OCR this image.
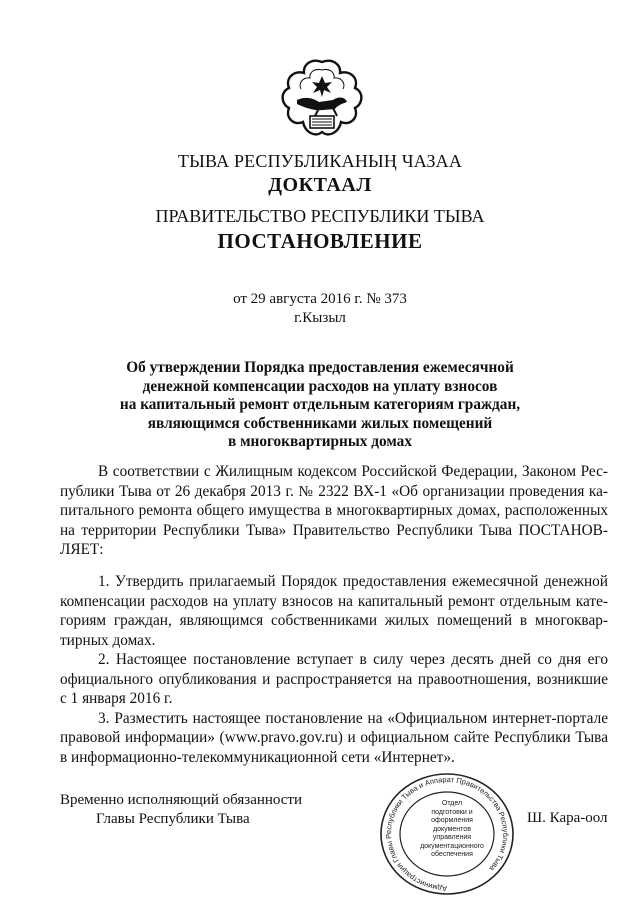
ТЫВА РЕСПУБЛИКАНЫҢ ЧАЗАА
ДОКТААЛ
ПРАВИТЕЛЬСТВО РЕСПУБЛИКИ ТЫВА
ПОСТАНОВЛЕНИЕ
от 29 августа 2016 г. № 373
г.Кызыл
Об утверждении Порядка предоставления ежемесячной
денежной компенсации расходов на уплату взносов
на капитальный ремонт отдельным категориям граждан,
являющимся собственниками жилых помещений
в многоквартирных домах

В соответствии с Жилищным кодексом Российской Федерации, Законом Республики Тыва от 26 декабря 2013 г. № 2322 ВХ-1 «Об организации проведения капитального ремонта общего имущества в многоквартирных домах, расположенных на территории Республики Тыва» Правительство Республики Тыва ПОСТАНОВЛЯЕТ:

1. Утвердить прилагаемый Порядок предоставления ежемесячной денежной компенсации расходов на уплату взносов на капитальный ремонт отдельным категориям граждан, являющимся собственниками жилых помещений в многоквартирных домах.

2. Настоящее постановление вступает в силу через десять дней со дня его официального опубликования и распространяется на правоотношения, возникшие с 1 января 2016 г.

3. Разместить настоящее постановление на «Официальном интернет-портале правовой информации» (www.pravo.gov.ru) и официальном сайте Республики Тыва в информационно-телекоммуникационной сети «Интернет».

Временно исполняющий обязанности
Главы Республики Тыва	Ш. Кара-оол
Администрация Главы Республики Тыва и Аппарат Правительства Республики Тыва
Отдел
подготовки и
оформления документов
управления
документационного
обеспечения
